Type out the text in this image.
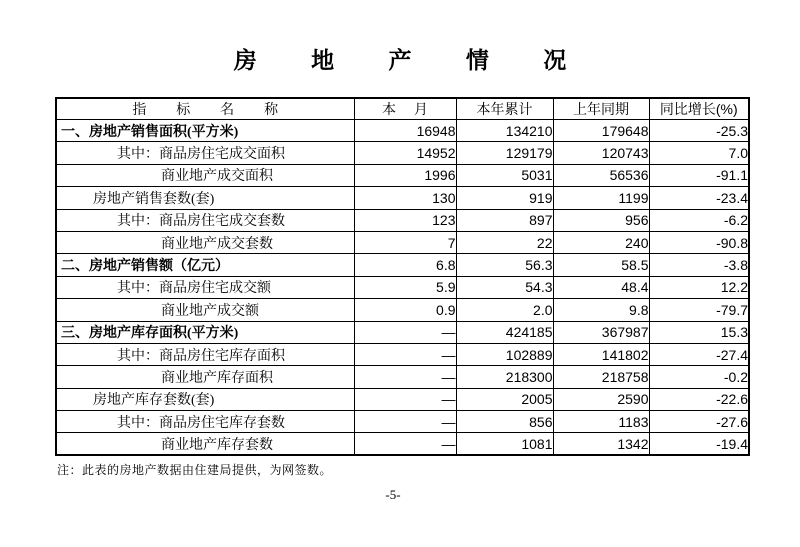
房 地 产 情 况
指 标 名 称	本 月	本年累计	上年同期	同比增长(%)
一、房地产销售面积(平方米)	16948	134210	179648	-25.3
其中：商品房住宅成交面积	14952	129179	120743	7.0
商业地产成交面积	1996	5031	56536	-91.1
房地产销售套数(套)	130	919	1199	-23.4
其中：商品房住宅成交套数	123	897	956	-6.2
商业地产成交套数	7	22	240	-90.8
二、房地产销售额（亿元）	6.8	56.3	58.5	-3.8
其中：商品房住宅成交额	5.9	54.3	48.4	12.2
商业地产成交额	0.9	2.0	9.8	-79.7
三、房地产库存面积(平方米)	—	424185	367987	15.3
其中：商品房住宅库存面积	—	102889	141802	-27.4
商业地产库存面积	—	218300	218758	-0.2
房地产库存套数(套)	—	2005	2590	-22.6
其中：商品房住宅库存套数	—	856	1183	-27.6
商业地产库存套数	—	1081	1342	-19.4
注：此表的房地产数据由住建局提供，为网签数。
-5-
